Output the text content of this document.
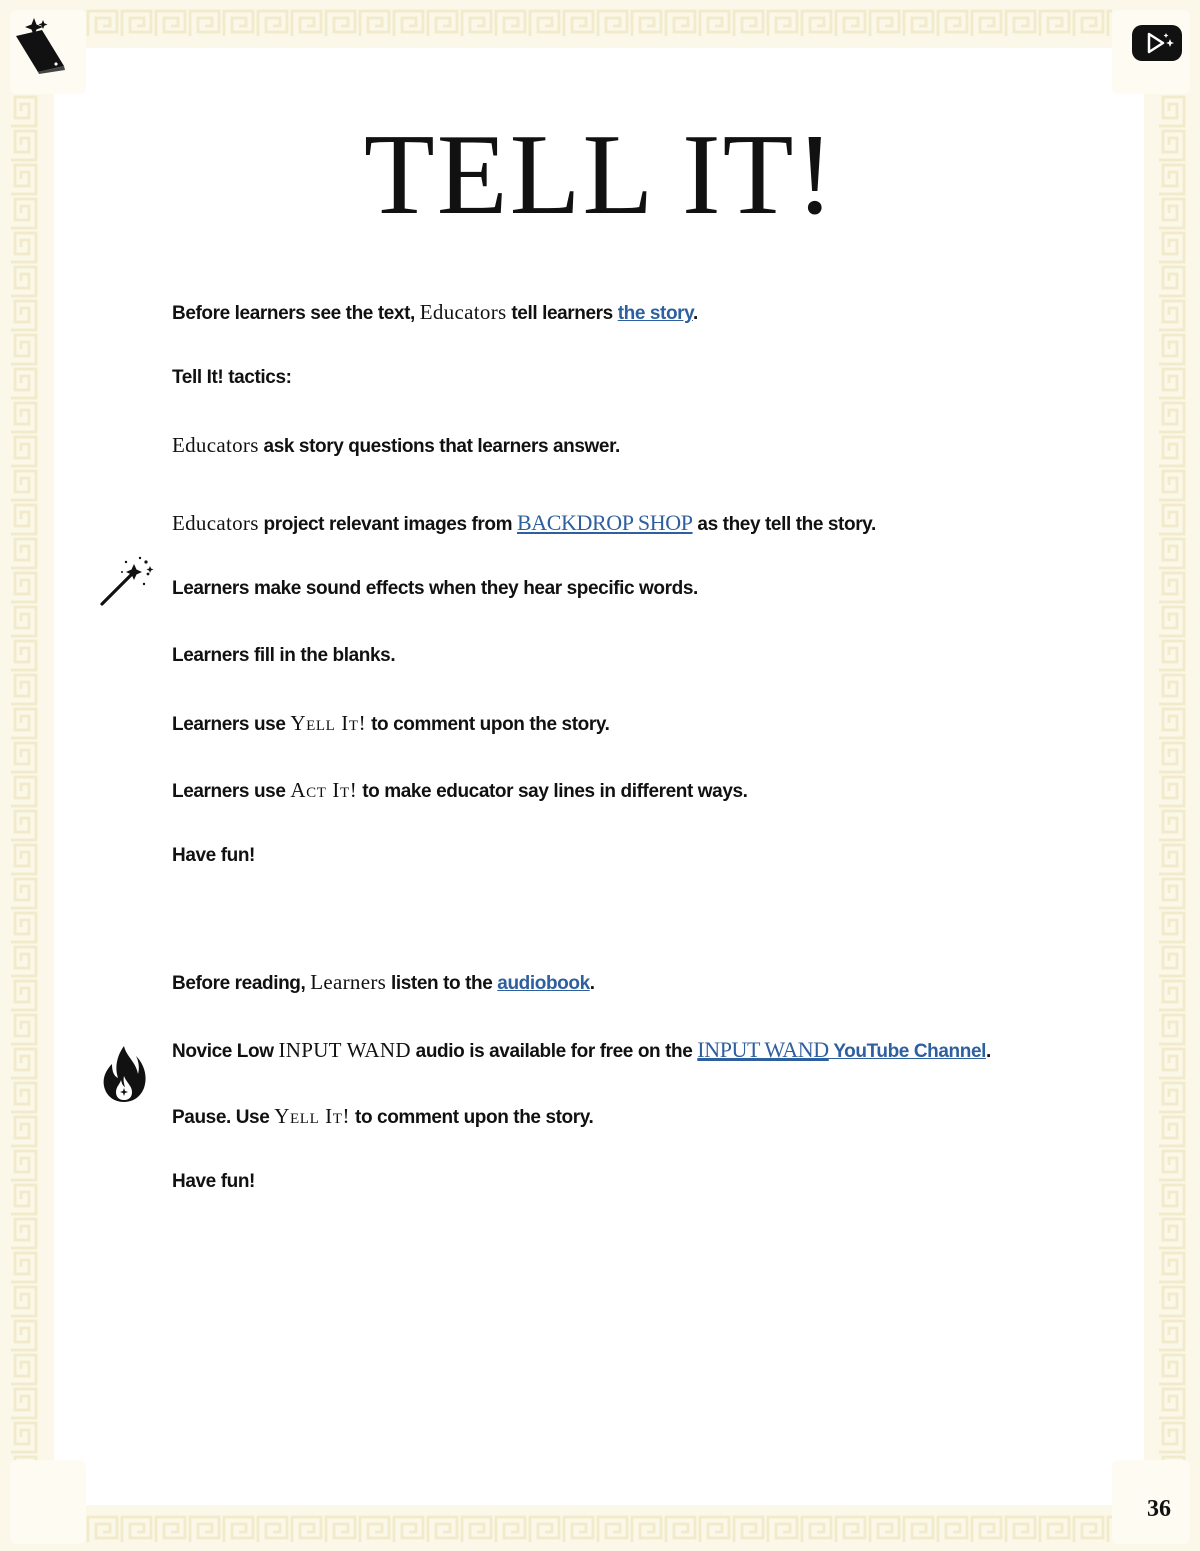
TELL IT!
Before learners see the text, Educators tell learners the story.
Tell It! tactics:
Educators ask story questions that learners answer.
Educators project relevant images from BACKDROP SHOP as they tell the story.
Learners make sound effects when they hear specific words.
Learners fill in the blanks.
Learners use Yell It! to comment upon the story.
Learners use Act It! to make educator say lines in different ways.
Have fun!
Before reading, Learners listen to the audiobook.
Novice Low INPUT WAND audio is available for free on the INPUT WAND YouTube Channel.
Pause. Use Yell It! to comment upon the story.
Have fun!
36
